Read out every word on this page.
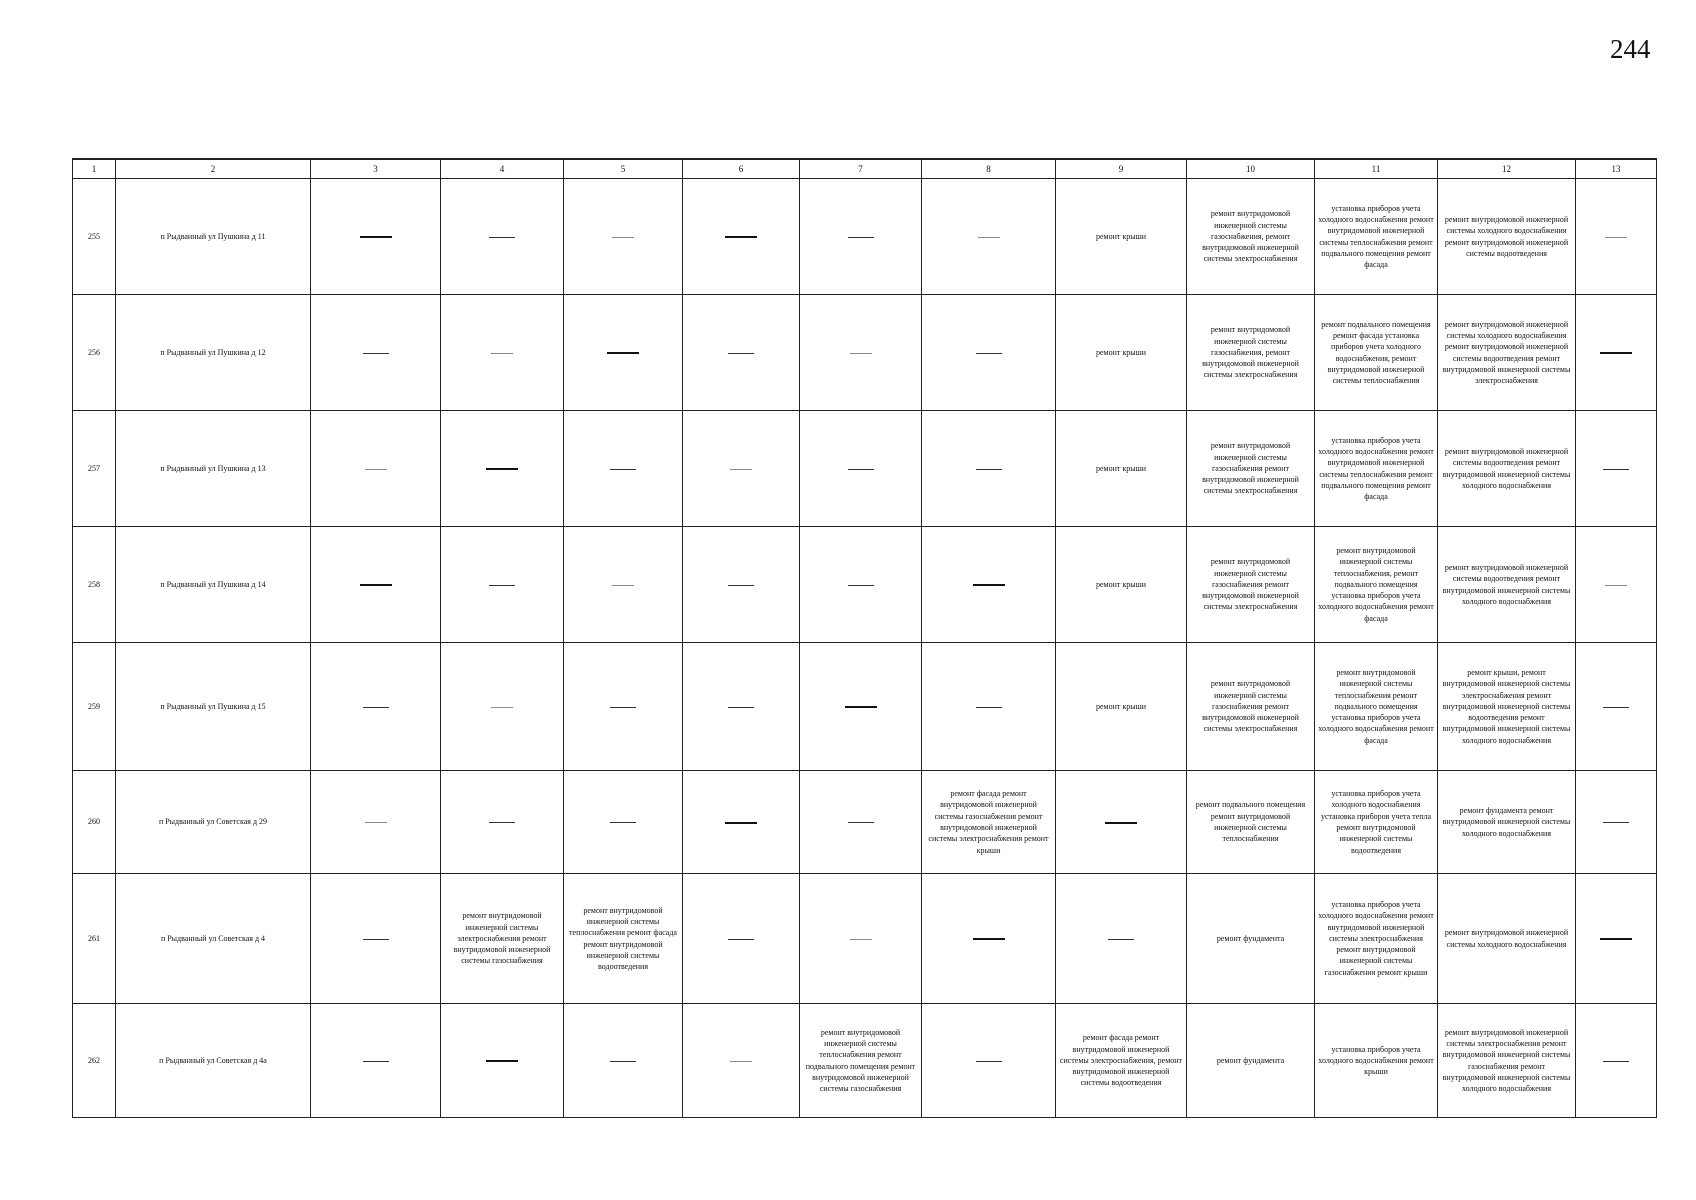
244
1	2	3	4	5	6	7	8	9	10	11	12	13
255	п Рыдванный ул Пушкина д 11							ремонт крыши	ремонт внутридомовой инженерной системы газоснабжения, ремонт внутридомовой инженерной системы электроснабжения	установка приборов учета холодного водоснабжения ремонт внутридомовой инженерной системы теплоснабжения ремонт подвального помещения ремонт фасада	ремонт внутридомовой инженерной системы холодного водоснабжения ремонт внутридомовой инженерной системы водоотведения	
256	п Рыдванный ул Пушкина д 12							ремонт крыши	ремонт внутридомовой инженерной системы газоснабжения, ремонт внутридомовой инженерной системы электроснабжения	ремонт подвального помещения ремонт фасада установка приборов учета холодного водоснабжения, ремонт внутридомовой инженерной системы теплоснабжения	ремонт внутридомовой инженерной системы холодного водоснабжения ремонт внутридомовой инженерной системы водоотведения ремонт внутридомовой инженерной системы электроснабжения	
257	п Рыдванный ул Пушкина д 13							ремонт крыши	ремонт внутридомовой инженерной системы газоснабжения ремонт внутридомовой инженерной системы электроснабжения	установка приборов учета холодного водоснабжения ремонт внутридомовой инженерной системы теплоснабжения ремонт подвального помещения ремонт фасада	ремонт внутридомовой инженерной системы водоотведения ремонт внутридомовой инженерной системы холодного водоснабжения	
258	п Рыдванный ул Пушкина д 14							ремонт крыши	ремонт внутридомовой инженерной системы газоснабжения ремонт внутридомовой инженерной системы электроснабжения	ремонт внутридомовой инженерной системы теплоснабжения, ремонт подвального помещения установка приборов учета холодного водоснабжения ремонт фасада	ремонт внутридомовой инженерной системы водоотведения ремонт внутридомовой инженерной системы холодного водоснабжения	
259	п Рыдванный ул Пушкина д 15							ремонт крыши	ремонт внутридомовой инженерной системы газоснабжения ремонт внутридомовой инженерной системы электроснабжения	ремонт внутридомовой инженерной системы теплоснабжения ремонт подвального помещения установка приборов учета холодного водоснабжения ремонт фасада	ремонт крыши, ремонт внутридомовой инженерной системы электроснабжения ремонт внутридомовой инженерной системы водоотведения ремонт внутридомовой инженерной системы холодного водоснабжения	
260	п Рыдванный ул Советская д 29						ремонт фасада ремонт внутридомовой инженерной системы газоснабжения ремонт внутридомовой инженерной системы электроснабжения ремонт крыши		ремонт подвального помещения ремонт внутридомовой инженерной системы теплоснабжения	установка приборов учета холодного водоснабжения установка приборов учета тепла ремонт внутридомовой инженерной системы водоотведения	ремонт фундамента ремонт внутридомовой инженерной системы холодного водоснабжения	
261	п Рыдванный ул Советская д 4		ремонт внутридомовой инженерной системы электроснабжения ремонт внутридомовой инженерной системы газоснабжения	ремонт внутридомовой инженерной системы теплоснабжения ремонт фасада ремонт внутридомовой инженерной системы водоотведения					ремонт фундамента	установка приборов учета холодного водоснабжения ремонт внутридомовой инженерной системы электроснабжения ремонт внутридомовой инженерной системы газоснабжения ремонт крыши	ремонт внутридомовой инженерной системы холодного водоснабжения	
262	п Рыдванный ул Советская д 4а					ремонт внутридомовой инженерной системы теплоснабжения ремонт подвального помещения ремонт внутридомовой инженерной системы газоснабжения		ремонт фасада ремонт внутридомовой инженерной системы электроснабжения, ремонт внутридомовой инженерной системы водоотведения	ремонт фундамента	установка приборов учета холодного водоснабжения ремонт крыши	ремонт внутридомовой инженерной системы электроснабжения ремонт внутридомовой инженерной системы газоснабжения ремонт внутридомовой инженерной системы холодного водоснабжения	
